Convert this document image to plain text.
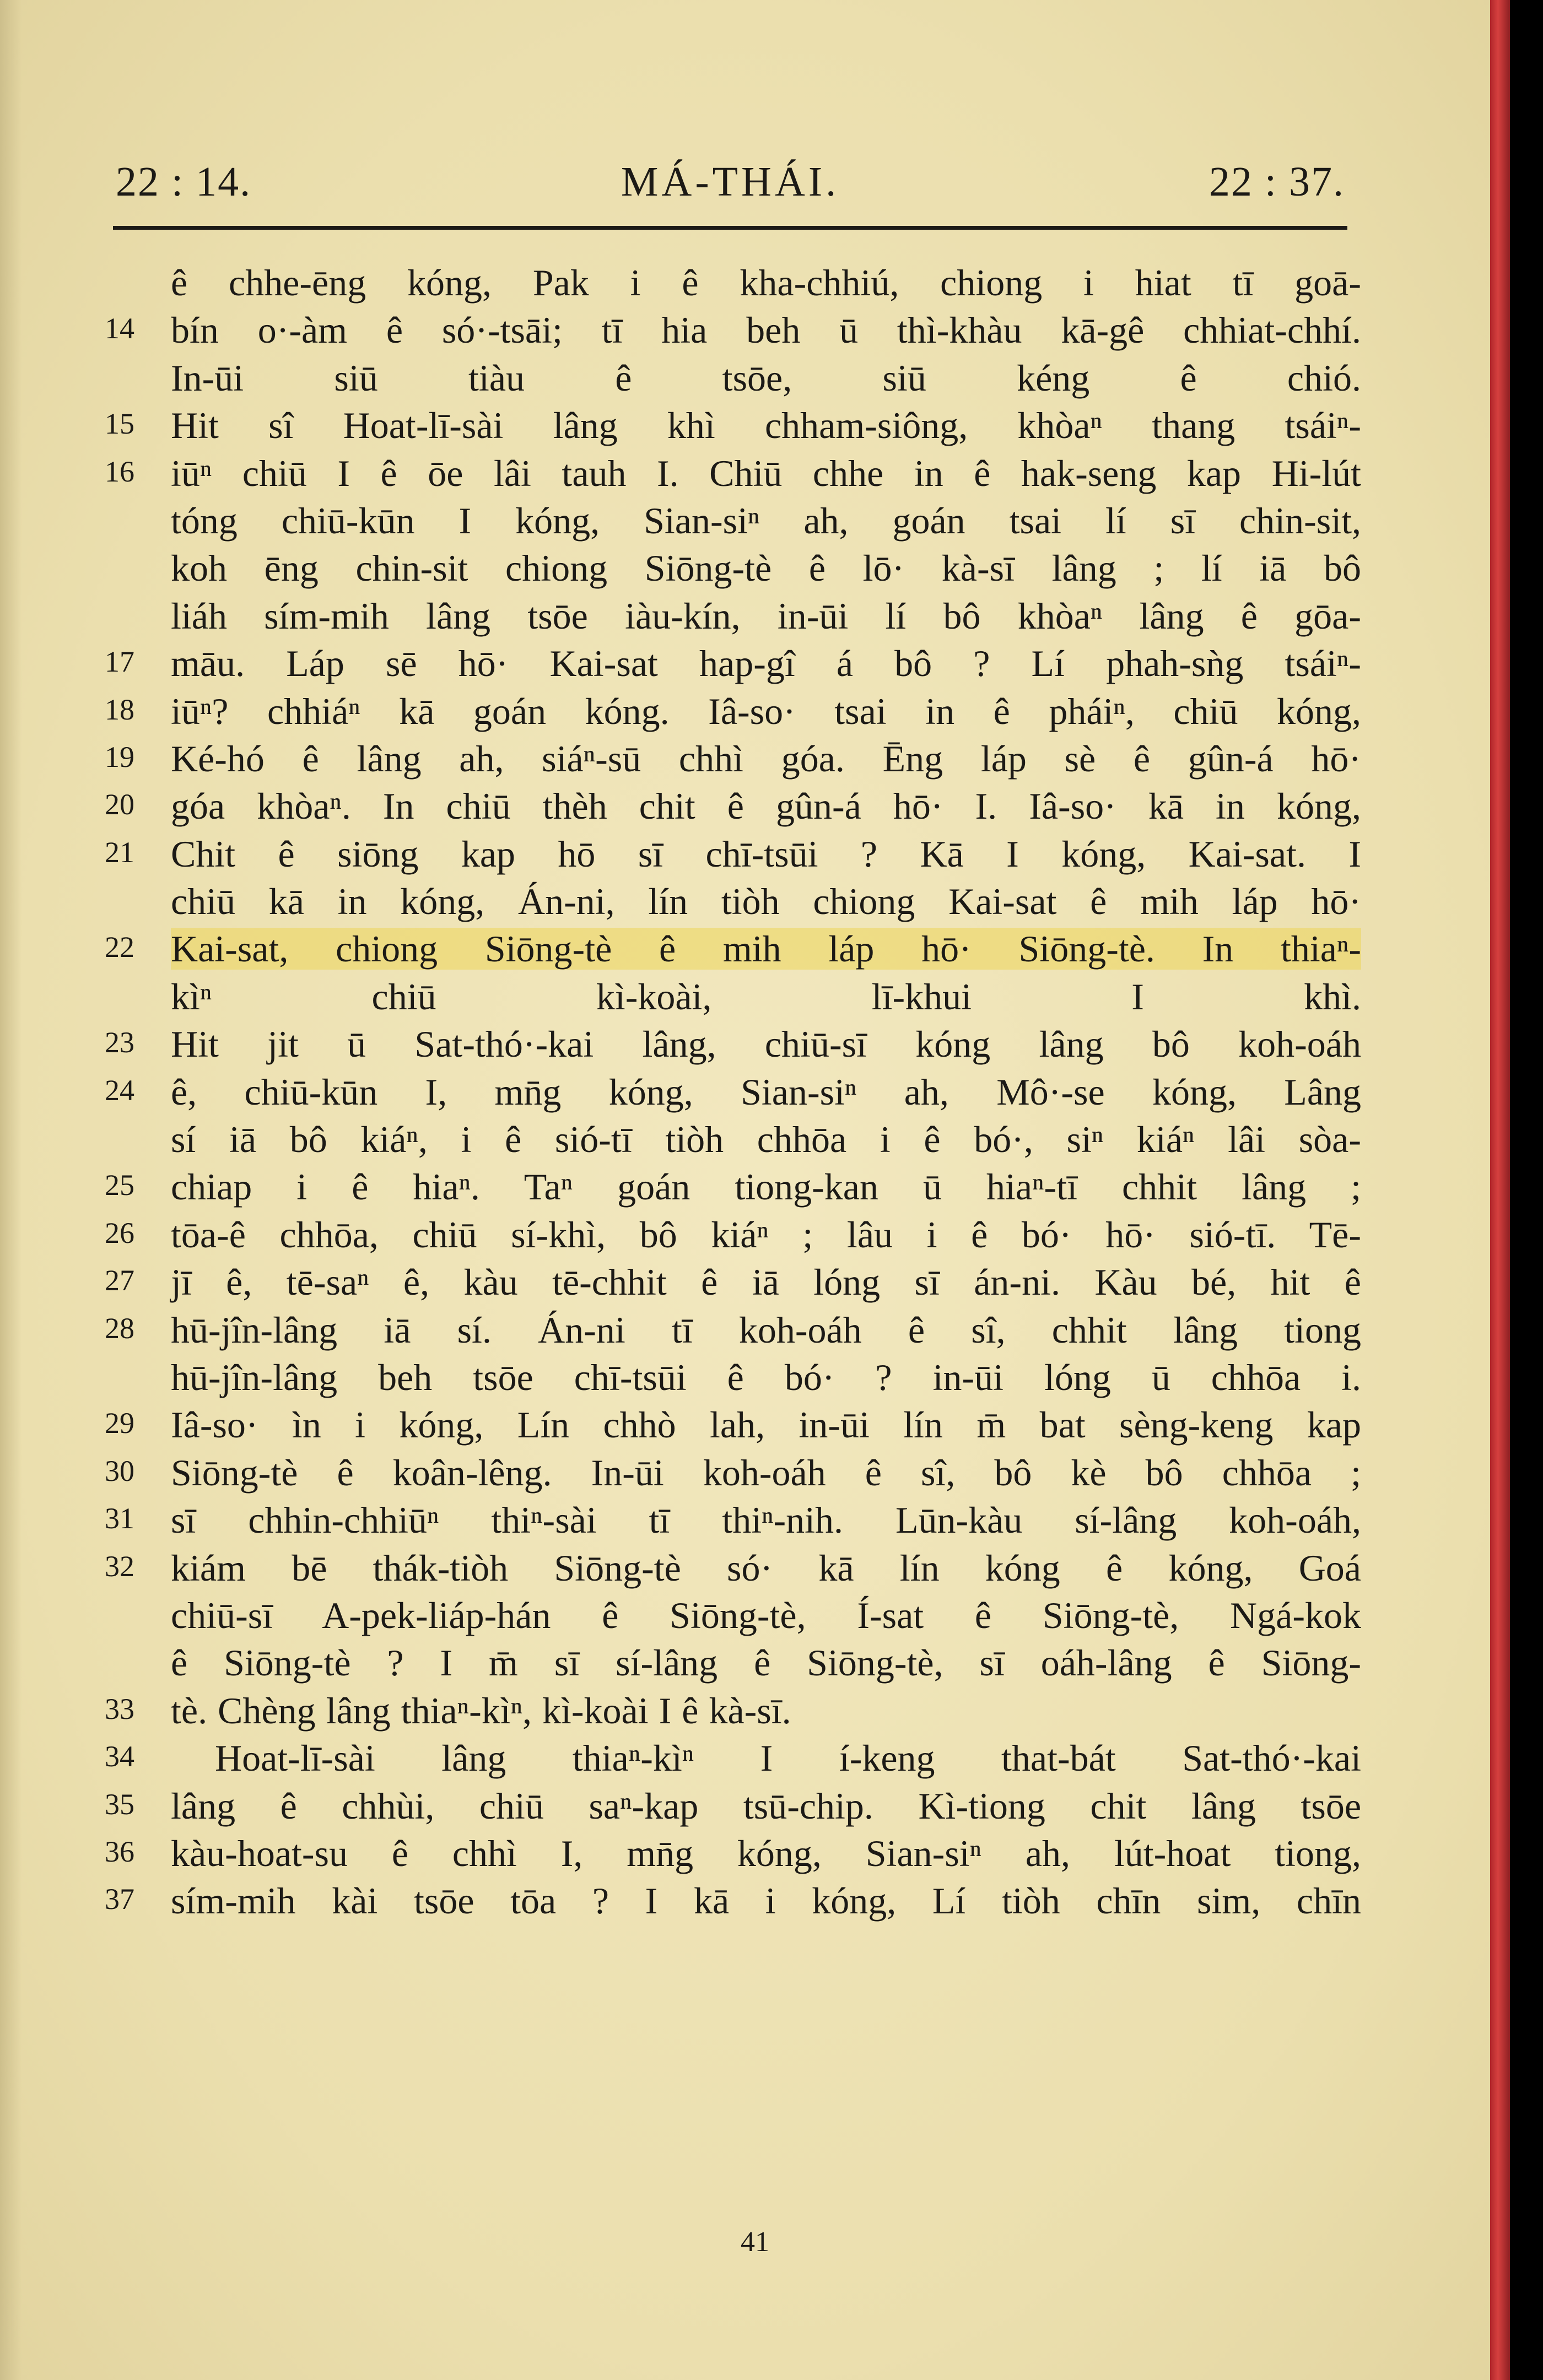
22 : 14.	MÁ-THÁI.	22 : 37.
ê chhe-ēng kóng, Pak i ê kha-chhiú, chiong i hiat tī goā-
14 bín o·-àm ê só·-tsāi; tī hia beh ū thì-khàu kā-gê chhiat-chhí.
In-ūi siū tiàu ê tsōe, siū kéng ê chió.
15 Hit sî Hoat-lī-sài lâng khì chham-siông, khòaⁿ thang tsáiⁿ-
16 iūⁿ chiū I ê ōe lâi tauh I. Chiū chhe in ê hak-seng kap Hi-lút
tóng chiū-kūn I kóng, Sian-siⁿ ah, goán tsai lí sī chin-sit,
koh ēng chin-sit chiong Siōng-tè ê lō· kà-sī lâng ; lí iā bô
liáh sím-mih lâng tsōe iàu-kín, in-ūi lí bô khòaⁿ lâng ê gōa-
17 māu. Láp sē hō· Kai-sat hap-gî á bô ? Lí phah-sǹg tsáiⁿ-
18 iūⁿ? chhiáⁿ kā goán kóng. Iâ-so· tsai in ê pháiⁿ, chiū kóng,
19 Ké-hó ê lâng ah, siáⁿ-sū chhì góa. Ēng láp sè ê gûn-á hō·
20 góa khòaⁿ. In chiū thèh chit ê gûn-á hō· I. Iâ-so· kā in kóng,
21 Chit ê siōng kap hō sī chī-tsūi ? Kā I kóng, Kai-sat. I
chiū kā in kóng, Án-ni, lín tiòh chiong Kai-sat ê mih láp hō·
22 Kai-sat, chiong Siōng-tè ê mih láp hō· Siōng-tè. In thiaⁿ-
kìⁿ chiū kì-koài, lī-khui I khì.
23 Hit jit ū Sat-thó·-kai lâng, chiū-sī kóng lâng bô koh-oáh
24 ê, chiū-kūn I, mn̄g kóng, Sian-siⁿ ah, Mô·-se kóng, Lâng
sí iā bô kiáⁿ, i ê sió-tī tiòh chhōa i ê bó·, siⁿ kiáⁿ lâi sòa-
25 chiap i ê hiaⁿ. Taⁿ goán tiong-kan ū hiaⁿ-tī chhit lâng ;
26 tōa-ê chhōa, chiū sí-khì, bô kiáⁿ ; lâu i ê bó· hō· sió-tī. Tē-
27 jī ê, tē-saⁿ ê, kàu tē-chhit ê iā lóng sī án-ni. Kàu bé, hit ê
28 hū-jîn-lâng iā sí. Án-ni tī koh-oáh ê sî, chhit lâng tiong
hū-jîn-lâng beh tsōe chī-tsūi ê bó· ? in-ūi lóng ū chhōa i.
29 Iâ-so· ìn i kóng, Lín chhò lah, in-ūi lín m̄ bat sèng-keng kap
30 Siōng-tè ê koân-lêng. In-ūi koh-oáh ê sî, bô kè bô chhōa ;
31 sī chhin-chhiūⁿ thiⁿ-sài tī thiⁿ-nih. Lūn-kàu sí-lâng koh-oáh,
32 kiám bē thák-tiòh Siōng-tè só· kā lín kóng ê kóng, Goá
chiū-sī A-pek-liáp-hán ê Siōng-tè, Í-sat ê Siōng-tè, Ngá-kok
ê Siōng-tè ? I m̄ sī sí-lâng ê Siōng-tè, sī oáh-lâng ê Siōng-
33 tè. Chèng lâng thiaⁿ-kìⁿ, kì-koài I ê kà-sī.
34	Hoat-lī-sài lâng thiaⁿ-kìⁿ I í-keng that-bát Sat-thó·-kai
35 lâng ê chhùi, chiū saⁿ-kap tsū-chip. Kì-tiong chit lâng tsōe
36 kàu-hoat-su ê chhì I, mn̄g kóng, Sian-siⁿ ah, lút-hoat tiong,
37 sím-mih kài tsōe tōa ? I kā i kóng, Lí tiòh chīn sim, chīn
41
